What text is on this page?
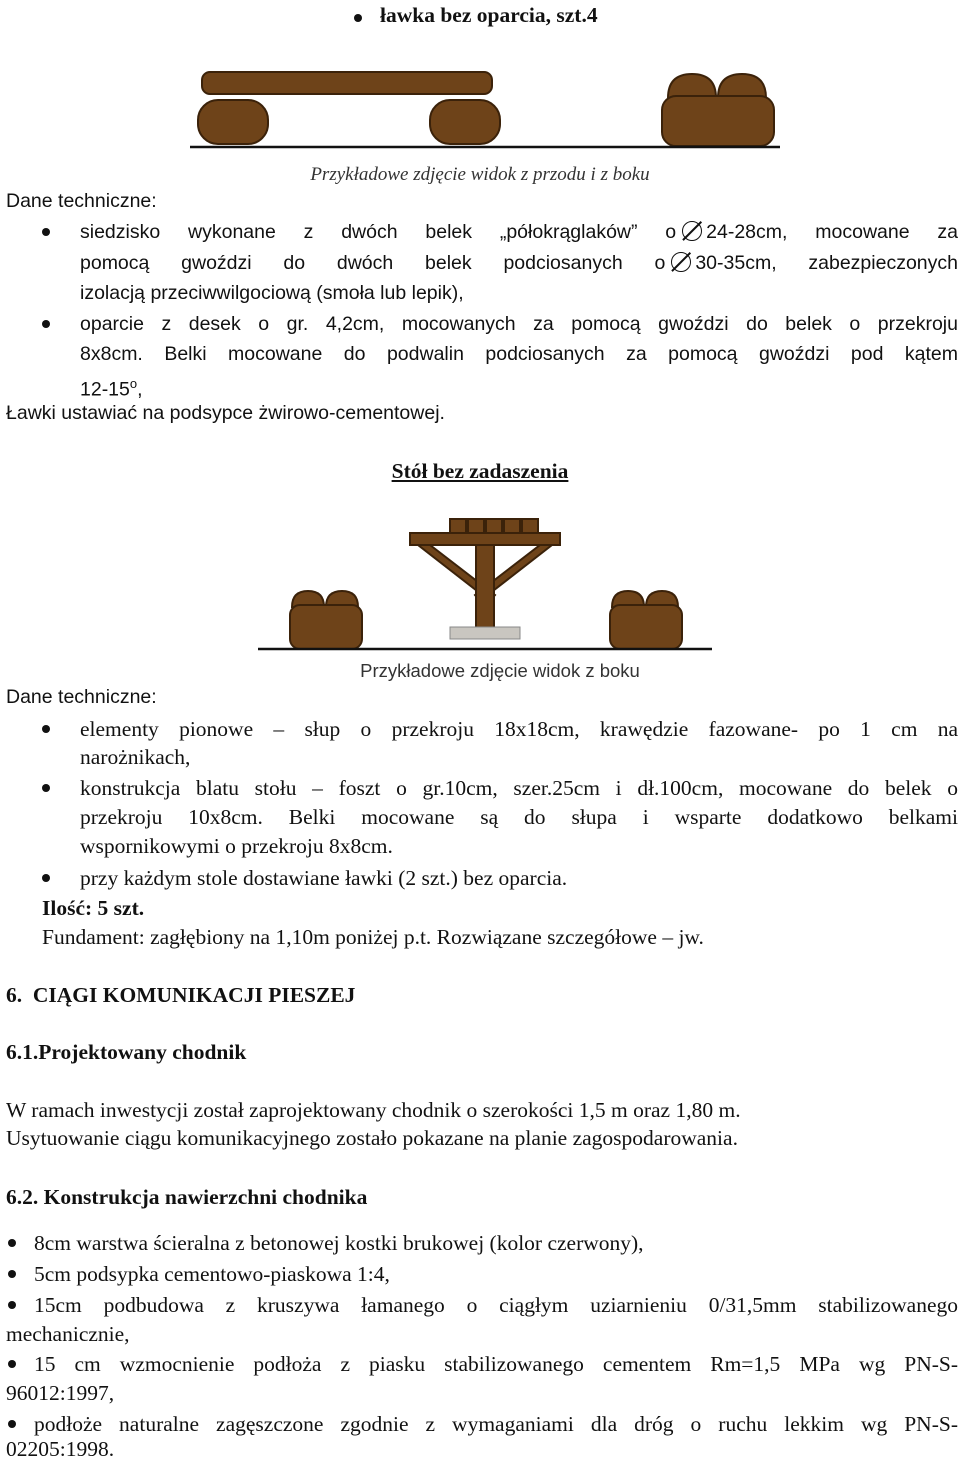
ławka bez oparcia, szt.4
Przykładowe zdjęcie widok z przodu i z boku
Dane techniczne:
siedzisko wykonane z dwóch belek „półokrąglaków” o 24-28cm, mocowane za
pomocą gwoździ do dwóch belek podciosanych o 30-35cm, zabezpieczonych
izolacją przeciwwilgociową (smoła lub lepik),
oparcie z desek o gr. 4,2cm, mocowanych za pomocą gwoździ do belek o przekroju
8x8cm. Belki mocowane do podwalin podciosanych za pomocą gwoździ pod kątem
12-15$^o$,
Ławki ustawiać na podsypce żwirowo-cementowej.
Stół bez zadaszenia
Przykładowe zdjęcie widok z boku
Dane techniczne:
elementy pionowe – słup o przekroju 18x18cm, krawędzie fazowane- po 1 cm na
narożnikach,
konstrukcja blatu stołu – foszt o gr.10cm, szer.25cm i dł.100cm, mocowane do belek o
przekroju 10x8cm. Belki mocowane są do słupa i wsparte dodatkowo belkami
wspornikowymi o przekroju 8x8cm.
przy każdym stole dostawiane ławki (2 szt.) bez oparcia.
Ilość: 5 szt.
Fundament: zagłębiony na 1,10m poniżej p.t. Rozwiązane szczegółowe – jw.
6.  CIĄGI KOMUNIKACJI PIESZEJ
6.1.Projektowany chodnik
W ramach inwestycji został zaprojektowany chodnik o szerokości 1,5 m oraz 1,80 m.
Usytuowanie ciągu komunikacyjnego zostało pokazane na planie zagospodarowania.
6.2. Konstrukcja nawierzchni chodnika
8cm warstwa ścieralna z betonowej kostki brukowej (kolor czerwony),
5cm podsypka cementowo-piaskowa 1:4,
15cm podbudowa z kruszywa łamanego o ciągłym uziarnieniu 0/31,5mm stabilizowanego
mechanicznie,
15 cm wzmocnienie podłoża z piasku stabilizowanego cementem Rm=1,5 MPa wg PN-S-
96012:1997,
podłoże naturalne zagęszczone zgodnie z wymaganiami dla dróg o ruchu lekkim wg PN-S-
02205:1998.
